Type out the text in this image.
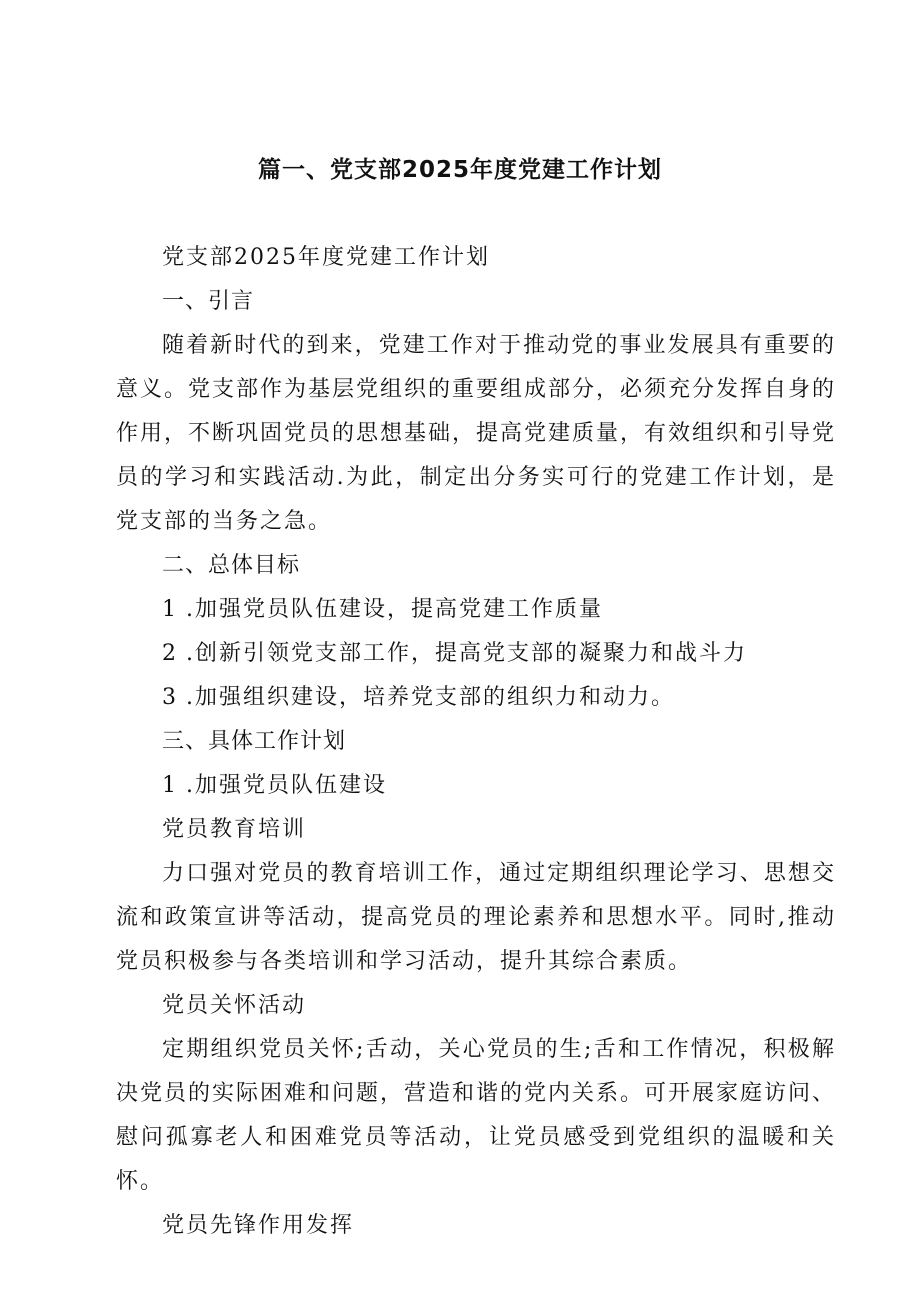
篇一、党支部2025年度党建工作计划
党支部2025年度党建工作计划
一、引言

随着新时代的到来，党建工作对于推动党的事业发展具有重要的意义。党支部作为基层党组织的重要组成部分，必须充分发挥自身的作用，不断巩固党员的思想基础，提高党建质量，有效组织和引导党员的学习和实践活动.为此，制定出分务实可行的党建工作计划，是党支部的当务之急。

二、总体目标
1 .加强党员队伍建设，提高党建工作质量
2 .创新引领党支部工作，提高党支部的凝聚力和战斗力
3 .加强组织建设，培养党支部的组织力和动力。
三、具体工作计划
1 .加强党员队伍建设
党员教育培训

力口强对党员的教育培训工作，通过定期组织理论学习、思想交流和政策宣讲等活动，提高党员的理论素养和思想水平。同时,推动党员积极参与各类培训和学习活动，提升其综合素质。

党员关怀活动

定期组织党员关怀;舌动，关心党员的生;舌和工作情况，积极解决党员的实际困难和问题，营造和谐的党内关系。可开展家庭访问、慰问孤寡老人和困难党员等活动，让党员感受到党组织的温暖和关怀。

党员先锋作用发挥
